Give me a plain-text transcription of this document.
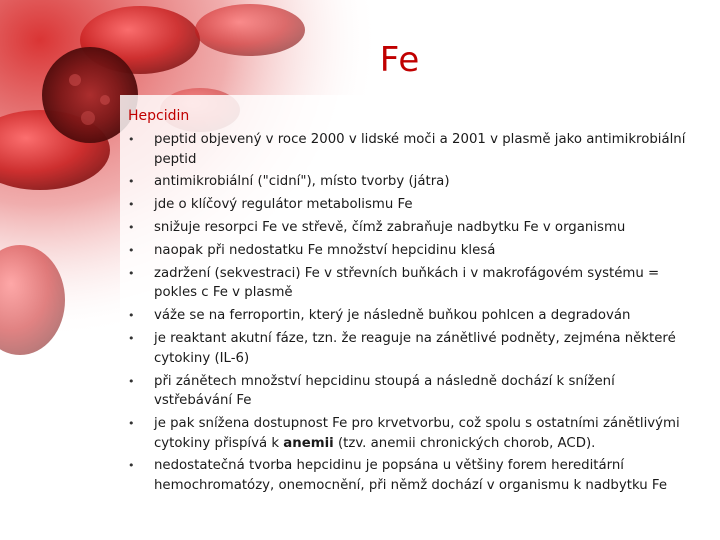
Fe
Hepcidin
• peptid objevený v roce 2000 v lidské moči a 2001 v plasmě jako antimikrobiální peptid
• antimikrobiální ("cidní"), místo tvorby (játra)
• jde o klíčový regulátor metabolismu Fe
• snižuje resorpci Fe ve střevě, čímž zabraňuje nadbytku Fe v organismu
• naopak při nedostatku Fe množství hepcidinu klesá
• zadržení (sekvestraci) Fe v střevních buňkách i v makrofágovém systému = pokles c Fe v plasmě
• váže se na ferroportin, který je následně buňkou pohlcen a degradován
• je reaktant akutní fáze, tzn. že reaguje na zánětlivé podněty, zejména některé cytokiny (IL-6)
• při zánětech množství hepcidinu stoupá a následně dochází k snížení vstřebávání Fe
• je pak snížena dostupnost Fe pro krvetvorbu, což spolu s ostatními zánětlivými cytokiny přispívá k anemii (tzv. anemii chronických chorob, ACD).
• nedostatečná tvorba hepcidinu je popsána u většiny forem hereditární hemochromatózy, onemocnění, při němž dochází v organismu k nadbytku Fe
